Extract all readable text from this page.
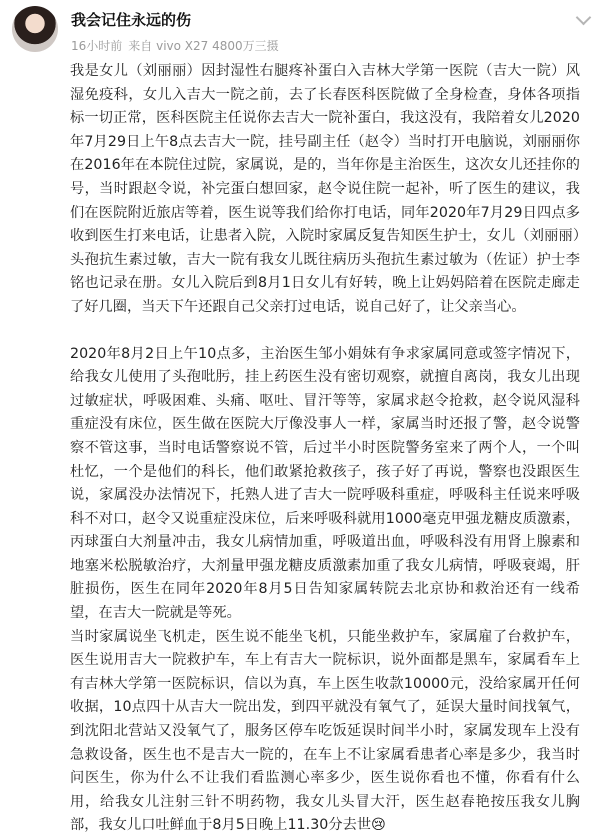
我会记住永远的伤
16小时前 来自 vivo X27 4800万三摄

我是女儿（刘丽丽）因封湿性右腿疼补蛋白入吉林大学第一医院（吉大一院）风湿免疫科，女儿入吉大一院之前，去了长春医科医院做了全身检查，身体各项指标一切正常，医科医院主任说你去吉大一院补蛋白，我这没有，我陪着女儿2020年7月29日上午8点去吉大一院，挂号副主任（赵令）当时打开电脑说，刘丽丽你在2016年在本院住过院，家属说，是的，当年你是主治医生，这次女儿还挂你的号，当时跟赵令说，补完蛋白想回家，赵令说住院一起补，听了医生的建议，我们在医院附近旅店等着，医生说等我们给你打电话，同年2020年7月29日四点多收到医生打来电话，让患者入院，入院时家属反复告知医生护士，女儿（刘丽丽）头孢抗生素过敏，吉大一院有我女儿既往病历头孢抗生素过敏为（佐证）护士李铭也记录在册。女儿入院后到8月1日女儿有好转，晚上让妈妈陪着在医院走廊走了好几圈，当天下午还跟自己父亲打过电话，说自己好了，让父亲当心。

2020年8月2日上午10点多，主治医生邹小娟妹有争求家属同意或签字情况下，给我女儿使用了头孢吡肟，挂上药医生没有密切观察，就擅自离岗，我女儿出现过敏症状，呼吸困难、头痛、呕吐、冒汗等等，家属求赵令抢救，赵令说风湿科重症没有床位，医生做在医院大厅像没事人一样，家属当时还报了警，赵令说警察不管这事，当时电话警察说不管，后过半小时医院警务室来了两个人，一个叫杜忆，一个是他们的科长，他们敢紧抢救孩子，孩子好了再说，警察也没跟医生说，家属没办法情况下，托熟人进了吉大一院呼吸科重症，呼吸科主任说来呼吸科不对口，赵令又说重症没床位，后来呼吸科就用1000毫克甲强龙糖皮质激素，丙球蛋白大剂量冲击，我女儿病情加重，呼吸道出血，呼吸科没有用肾上腺素和地塞米松脱敏治疗，大剂量甲强龙糖皮质激素加重了我女儿病情，呼吸衰竭，肝脏损伤，医生在同年2020年8月5日告知家属转院去北京协和救治还有一线希望，在吉大一院就是等死。

当时家属说坐飞机走，医生说不能坐飞机，只能坐救护车，家属雇了台救护车，医生说用吉大一院救护车，车上有吉大一院标识，说外面都是黑车，家属看车上有吉林大学第一医院标识，信以为真，车上医生收款10000元，没给家属开任何收据，10点四十从吉大一院出发，到四平就没有氧气了，延误大量时间找氧气，到沈阳北营站又没氧气了，服务区停车吃饭延误时间半小时，家属发现车上没有急救设备，医生也不是吉大一院的，在车上不让家属看患者心率是多少，我当时问医生，你为什么不让我们看监测心率多少，医生说你看也不懂，你看有什么用，给我女儿注射三针不明药物，我女儿头冒大汗，医生赵春艳按压我女儿胸部，我女儿口吐鲜血于8月5日晚上11.30分去世😢
